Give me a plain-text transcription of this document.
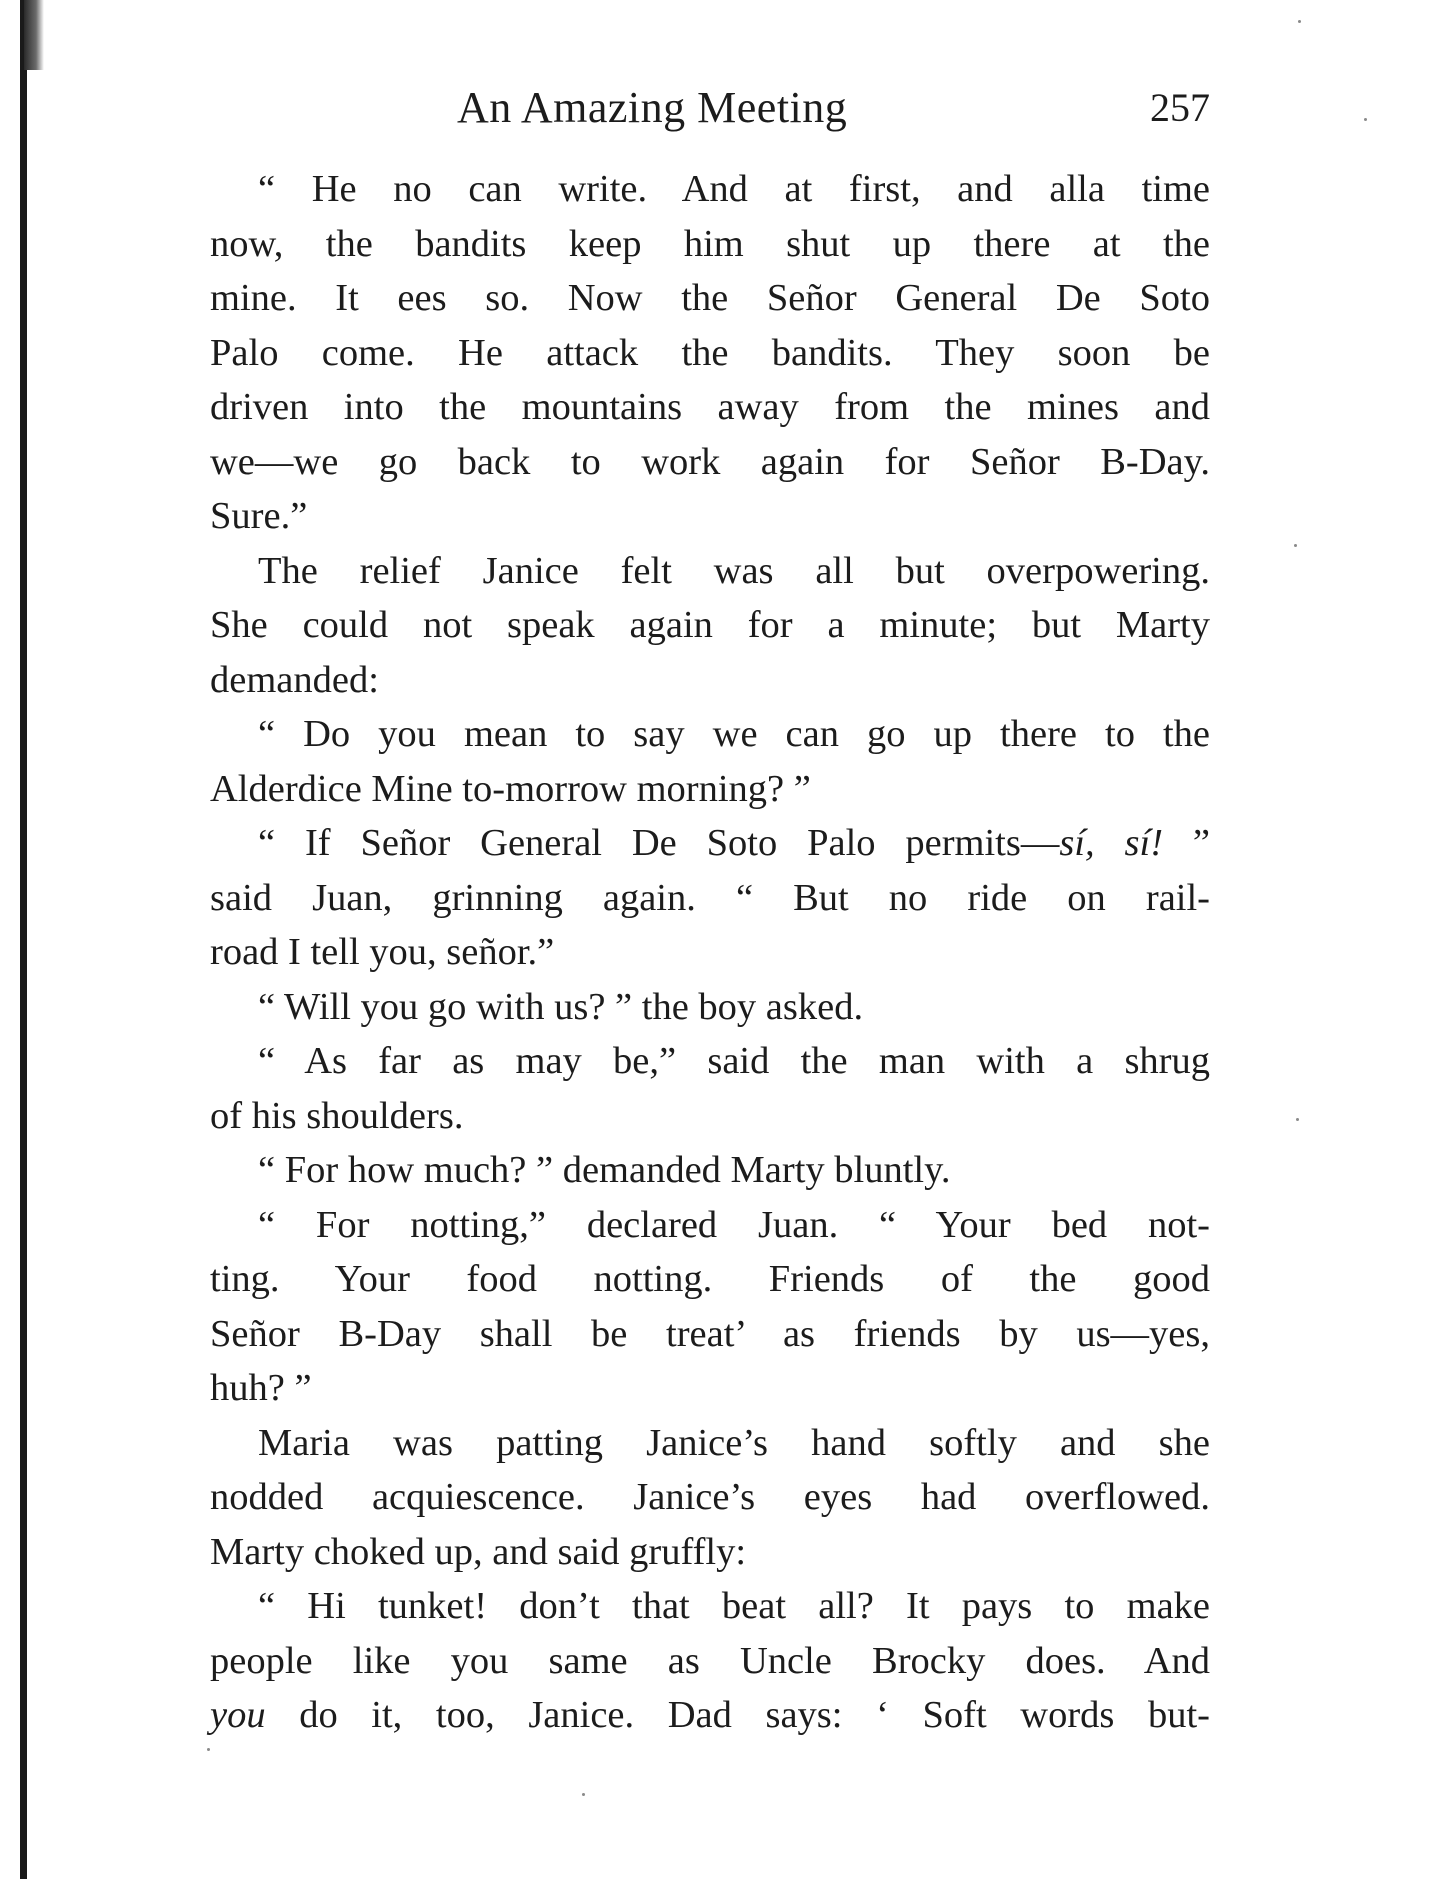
An Amazing Meeting	257
“ He no can write. And at first, and alla time
now, the bandits keep him shut up there at the
mine. It ees so. Now the Señor General De Soto
Palo come. He attack the bandits. They soon be
driven into the mountains away from the mines and
we—we go back to work again for Señor B-Day.
Sure.”
The relief Janice felt was all but overpowering.
She could not speak again for a minute; but Marty
demanded:
“ Do you mean to say we can go up there to the
Alderdice Mine to-morrow morning? ”
“ If Señor General De Soto Palo permits—sí, sí! ”
said Juan, grinning again. “ But no ride on rail-
road I tell you, señor.”
“ Will you go with us? ” the boy asked.
“ As far as may be,” said the man with a shrug
of his shoulders.
“ For how much? ” demanded Marty bluntly.
“ For notting,” declared Juan. “ Your bed not-
ting. Your food notting. Friends of the good
Señor B-Day shall be treat’ as friends by us—yes,
huh? ”
Maria was patting Janice’s hand softly and she
nodded acquiescence. Janice’s eyes had overflowed.
Marty choked up, and said gruffly:
“ Hi tunket! don’t that beat all? It pays to make
people like you same as Uncle Brocky does. And
you do it, too, Janice. Dad says: ‘ Soft words but-
